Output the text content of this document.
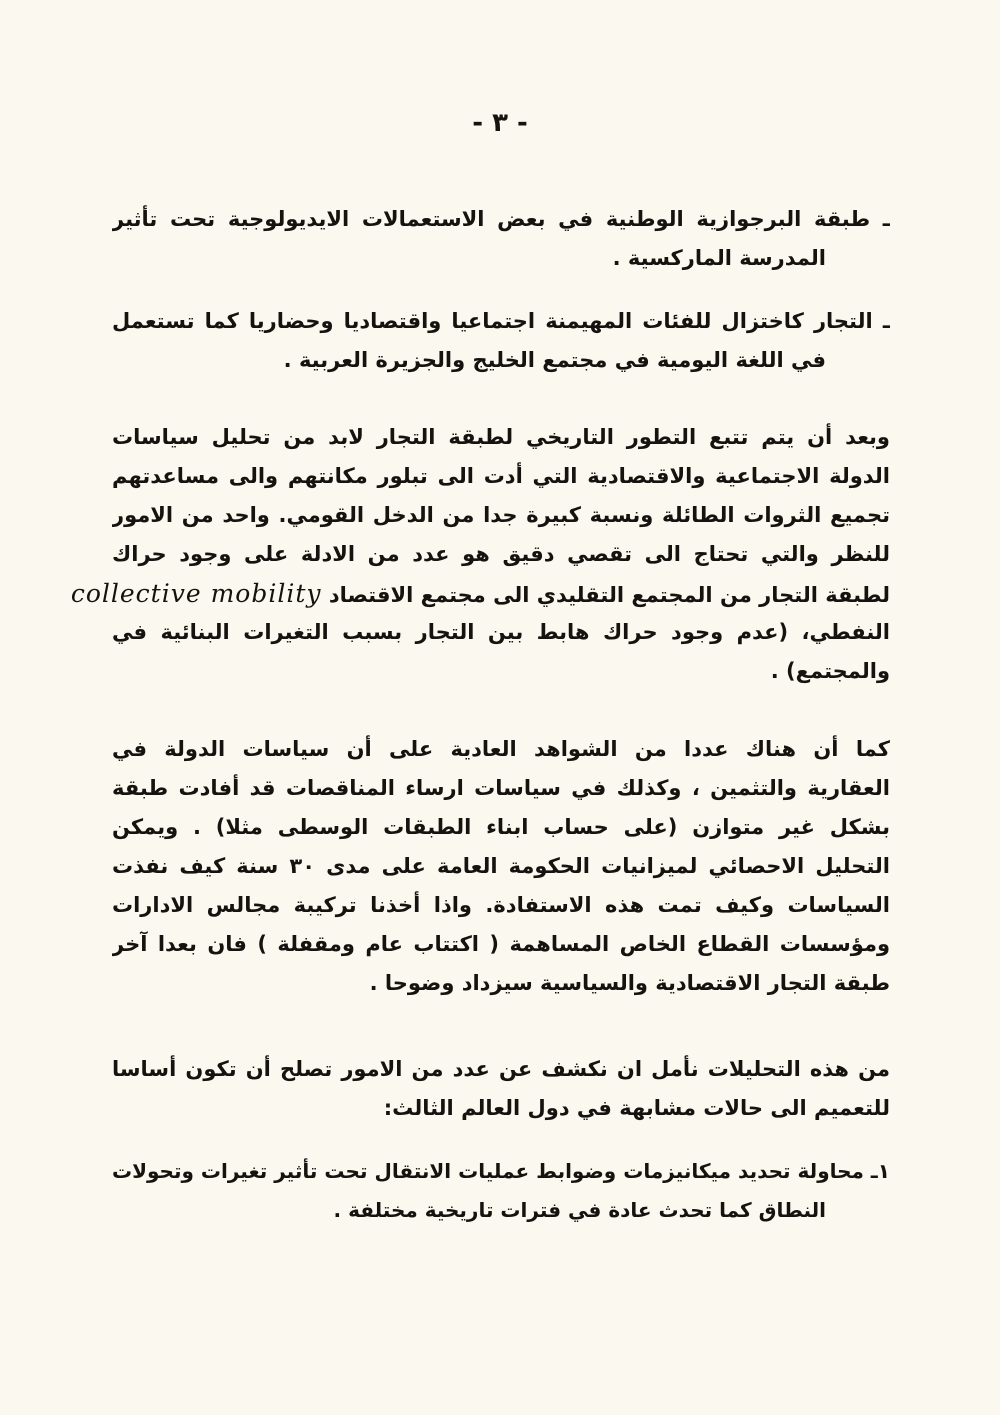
- ٣ -
ـ طبقة البرجوازية الوطنية في بعض الاستعمالات الايديولوجية تحت تأثير
المدرسة الماركسية .
ـ التجار كاختزال للفئات المهيمنة اجتماعيا واقتصاديا وحضاريا كما تستعمل
في اللغة اليومية في مجتمع الخليج والجزيرة العربية .
وبعد أن يتم تتبع التطور التاريخي لطبقة التجار لابد من تحليل سياسات
الدولة الاجتماعية والاقتصادية التي أدت الى تبلور مكانتهم والى مساعدتهم
تجميع الثروات الطائلة ونسبة كبيرة جدا من الدخل القومي. واحد من الامور
للنظر والتي تحتاج الى تقصي دقيق هو عدد من الادلة على وجود حراك
لطبقة التجار من المجتمع التقليدي الى مجتمع الاقتصاد collective mobility
النفطي، (عدم وجود حراك هابط بين التجار بسبب التغيرات البنائية في
والمجتمع) .
كما أن هناك عددا من الشواهد العادية على أن سياسات الدولة في
العقارية والتثمين ، وكذلك في سياسات ارساء المناقصات قد أفادت طبقة
بشكل غير متوازن (على حساب ابناء الطبقات الوسطى مثلا) . ويمكن
التحليل الاحصائي لميزانيات الحكومة العامة على مدى ٣٠ سنة كيف نفذت
السياسات وكيف تمت هذه الاستفادة. واذا أخذنا تركيبة مجالس الادارات
ومؤسسات القطاع الخاص المساهمة ( اكتتاب عام ومقفلة ) فان بعدا آخر
طبقة التجار الاقتصادية والسياسية سيزداد وضوحا .
من هذه التحليلات نأمل ان نكشف عن عدد من الامور تصلح أن تكون أساسا
للتعميم الى حالات مشابهة في دول العالم الثالث:
١ـ محاولة تحديد ميكانيزمات وضوابط عمليات الانتقال تحت تأثير تغيرات وتحولات
النطاق كما تحدث عادة في فترات تاريخية مختلفة .
